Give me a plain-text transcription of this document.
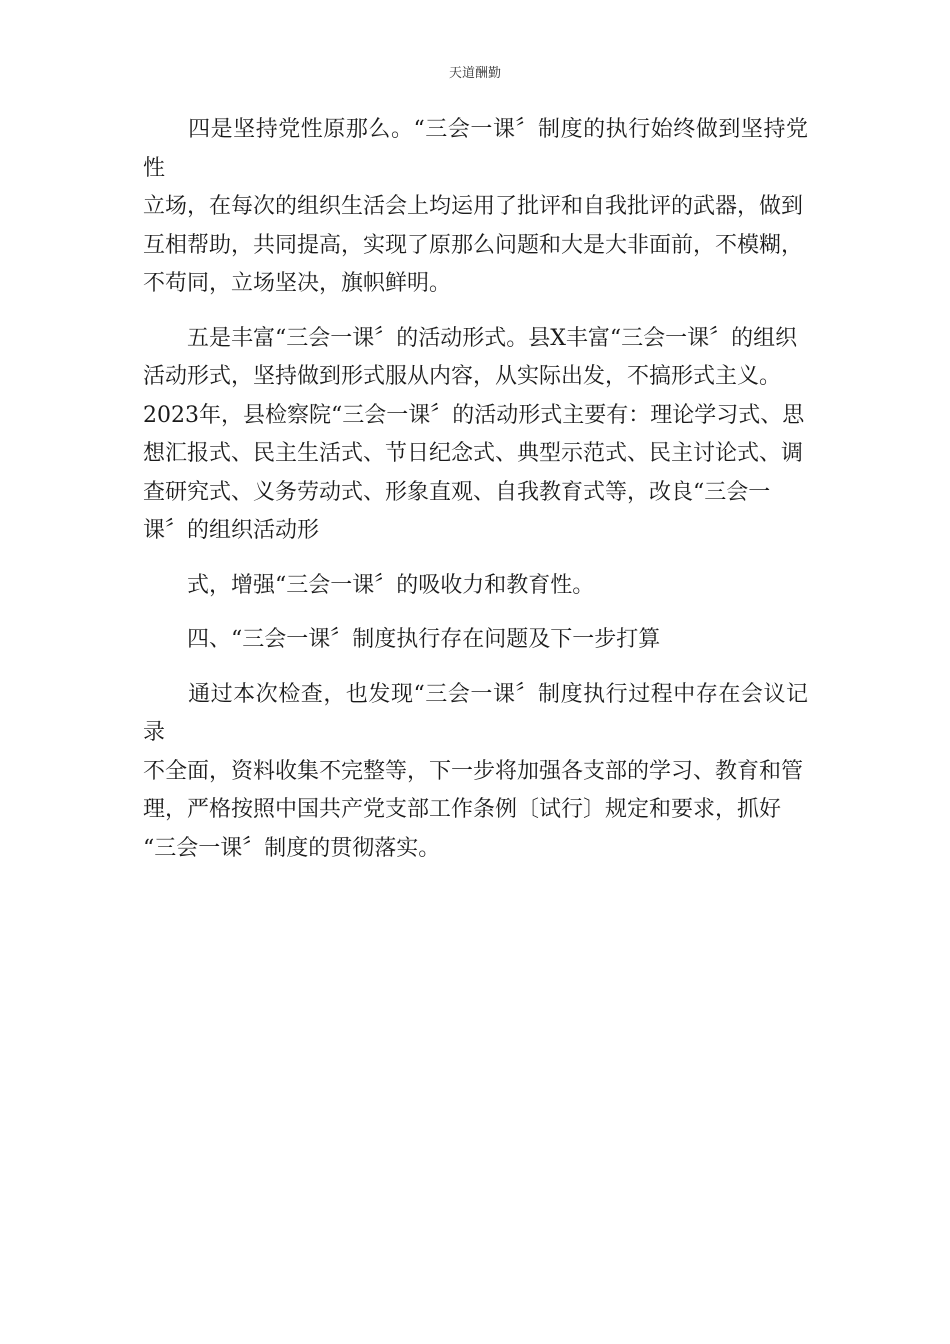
天道酬勤

　　四是坚持党性原那么。“三会一课〞制度的执行始终做到坚持党性
立场，在每次的组织生活会上均运用了批评和自我批评的武器，做到
互相帮助，共同提高，实现了原那么问题和大是大非面前，不模糊，
不苟同，立场坚决，旗帜鲜明。

　　五是丰富“三会一课〞的活动形式。县X丰富“三会一课〞的组织
活动形式，坚持做到形式服从内容，从实际出发，不搞形式主义。
2023年，县检察院“三会一课〞的活动形式主要有：理论学习式、思
想汇报式、民主生活式、节日纪念式、典型示范式、民主讨论式、调
查研究式、义务劳动式、形象直观、自我教育式等，改良“三会一
课〞的组织活动形

　　式，增强“三会一课〞的吸收力和教育性。

　　四、“三会一课〞制度执行存在问题及下一步打算

　　通过本次检查，也发现“三会一课〞制度执行过程中存在会议记录
不全面，资料收集不完整等，下一步将加强各支部的学习、教育和管
理，严格按照中国共产党支部工作条例〔试行〕规定和要求，抓好
“三会一课〞制度的贯彻落实。
